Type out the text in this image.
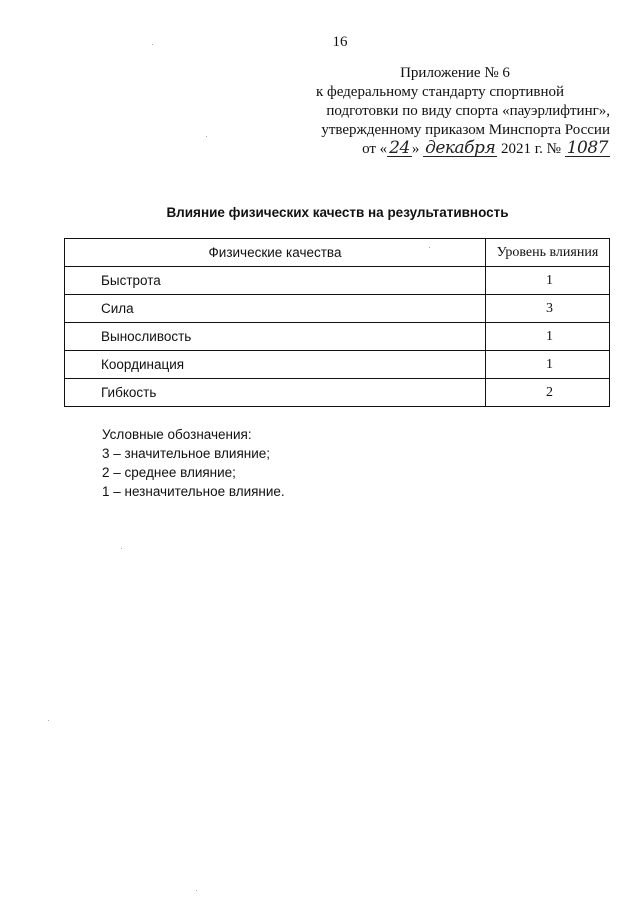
16
Приложение № 6
к федеральному стандарту спортивной
подготовки по виду спорта «пауэрлифтинг»,
утвержденному приказом Минспорта России
от « 24 » декабря 2021 г. № 1087
Влияние физических качеств на результативность
Физические качества	Уровень влияния
Быстрота	1
Сила	3
Выносливость	1
Координация	1
Гибкость	2
Условные обозначения:
3 – значительное влияние;
2 – среднее влияние;
1 – незначительное влияние.
